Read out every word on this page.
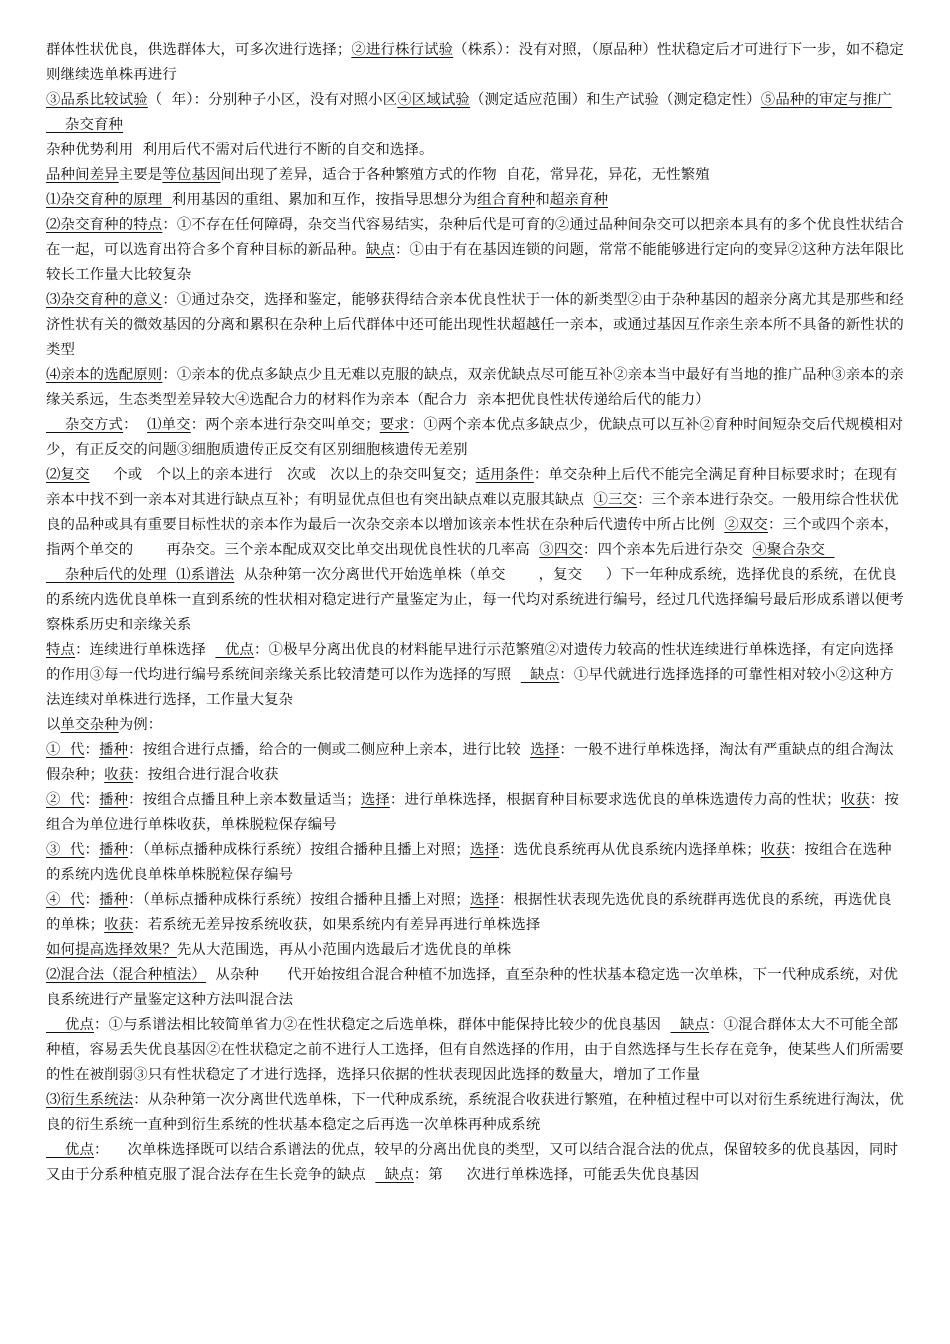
群体性状优良，供选群体大，可多次进行选择；②进行株行试验（株系）：没有对照，（原品种）性状稳定后才可进行下一步，如不稳定则继续选单株再进行

③品系比较试验（  年）：分别种子小区，没有对照小区④区域试验（测定适应范围）和生产试验（测定稳定性）⑤品种的审定与推广

杂交育种

杂种优势利用  利用后代不需对后代进行不断的自交和选择。

品种间差异主要是等位基因间出现了差异，适合于各种繁殖方式的作物  自花，常异花，异花，无性繁殖

⑴杂交育种的原理  利用基因的重组、累加和互作，按指导思想分为组合育种和超亲育种

⑵杂交育种的特点：①不存在任何障碍，杂交当代容易结实，杂种后代是可育的②通过品种间杂交可以把亲本具有的多个优良性状结合在一起，可以选育出符合多个育种目标的新品种。缺点：①由于有在基因连锁的问题，常常不能能够进行定向的变异②这种方法年限比较长工作量大比较复杂

⑶杂交育种的意义：①通过杂交，选择和鉴定，能够获得结合亲本优良性状于一体的新类型②由于杂种基因的超亲分离尤其是那些和经济性状有关的微效基因的分离和累积在杂种上后代群体中还可能出现性状超越任一亲本，或通过基因互作亲生亲本所不具备的新性状的类型

⑷亲本的选配原则：①亲本的优点多缺点少且无难以克服的缺点，双亲优缺点尽可能互补②亲本当中最好有当地的推广品种③亲本的亲缘关系远，生态类型差异较大④选配合力的材料作为亲本（配合力  亲本把优良性状传递给后代的能力）

杂交方式：  ⑴单交：两个亲本进行杂交叫单交；要求：①两个亲本优点多缺点少，优缺点可以互补②育种时间短杂交后代规模相对少，有正反交的问题③细胞质遗传正反交有区别细胞核遗传无差别

⑵复交     个或   个以上的亲本进行   次或   次以上的杂交叫复交；适用条件：单交杂种上后代不能完全满足育种目标要求时；在现有亲本中找不到一亲本对其进行缺点互补；有明显优点但也有突出缺点难以克服其缺点  ①三交：三个亲本进行杂交。一般用综合性状优良的品种或具有重要目标性状的亲本作为最后一次杂交亲本以增加该亲本性状在杂种后代遗传中所占比例  ②双交：三个或四个亲本，指两个单交的       再杂交。三个亲本配成双交比单交出现优良性状的几率高  ③四交：四个亲本先后进行杂交  ④聚合杂交

杂种后代的处理  ⑴系谱法  从杂种第一次分离世代开始选单株（单交       ，复交     ）下一年种成系统，选择优良的系统，在优良的系统内选优良单株一直到系统的性状相对稳定进行产量鉴定为止，每一代均对系统进行编号，经过几代选择编号最后形成系谱以便考察株系历史和亲缘关系

特点：连续进行单株选择    优点：①极早分离出优良的材料能早进行示范繁殖②对遗传力较高的性状连续进行单株选择，有定向选择的作用③每一代均进行编号系统间亲缘关系比较清楚可以作为选择的写照    缺点：①早代就进行选择选择的可靠性相对较小②这种方法连续对单株进行选择，工作量大复杂

以单交杂种为例：

①  代：播种：按组合进行点播，给合的一侧或二侧应种上亲本，进行比较  选择：一般不进行单株选择，淘汰有严重缺点的组合淘汰假杂种；收获：按组合进行混合收获

②  代：播种：按组合点播且种上亲本数量适当；选择：进行单株选择，根据育种目标要求选优良的单株选遗传力高的性状；收获：按组合为单位进行单株收获，单株脱粒保存编号

③  代：播种：（单标点播种成株行系统）按组合播种且播上对照；选择：选优良系统再从优良系统内选择单株；收获：按组合在选种的系统内选优良单株单株脱粒保存编号

④  代：播种：（单标点播种成株行系统）按组合播种且播上对照；选择：根据性状表现先选优良的系统群再选优良的系统，再选优良的单株；收获：若系统无差异按系统收获，如果系统内有差异再进行单株选择

如何提高选择效果？先从大范围选，再从小范围内选最后才选优良的单株

⑵混合法（混合种植法）  从杂种      代开始按组合混合种植不加选择，直至杂种的性状基本稳定选一次单株，下一代种成系统，对优良系统进行产量鉴定这种方法叫混合法

优点：①与系谱法相比较简单省力②在性状稳定之后选单株，群体中能保持比较少的优良基因    缺点：①混合群体太大不可能全部种植，容易丢失优良基因②在性状稳定之前不进行人工选择，但有自然选择的作用，由于自然选择与生长存在竞争，使某些人们所需要的性在被削弱③只有性状稳定了才进行选择，选择只依据的性状表现因此选择的数量大，增加了工作量

⑶衍生系统法：从杂种第一次分离世代选单株，下一代种成系统，系统混合收获进行繁殖，在种植过程中可以对衍生系统进行淘汰，优良的衍生系统一直种到衍生系统的性状基本稳定之后再选一次单株再种成系统

优点：    次单株选择既可以结合系谱法的优点，较早的分离出优良的类型，又可以结合混合法的优点，保留较多的优良基因，同时又由于分系种植克服了混合法存在生长竞争的缺点    缺点：第     次进行单株选择，可能丢失优良基因
